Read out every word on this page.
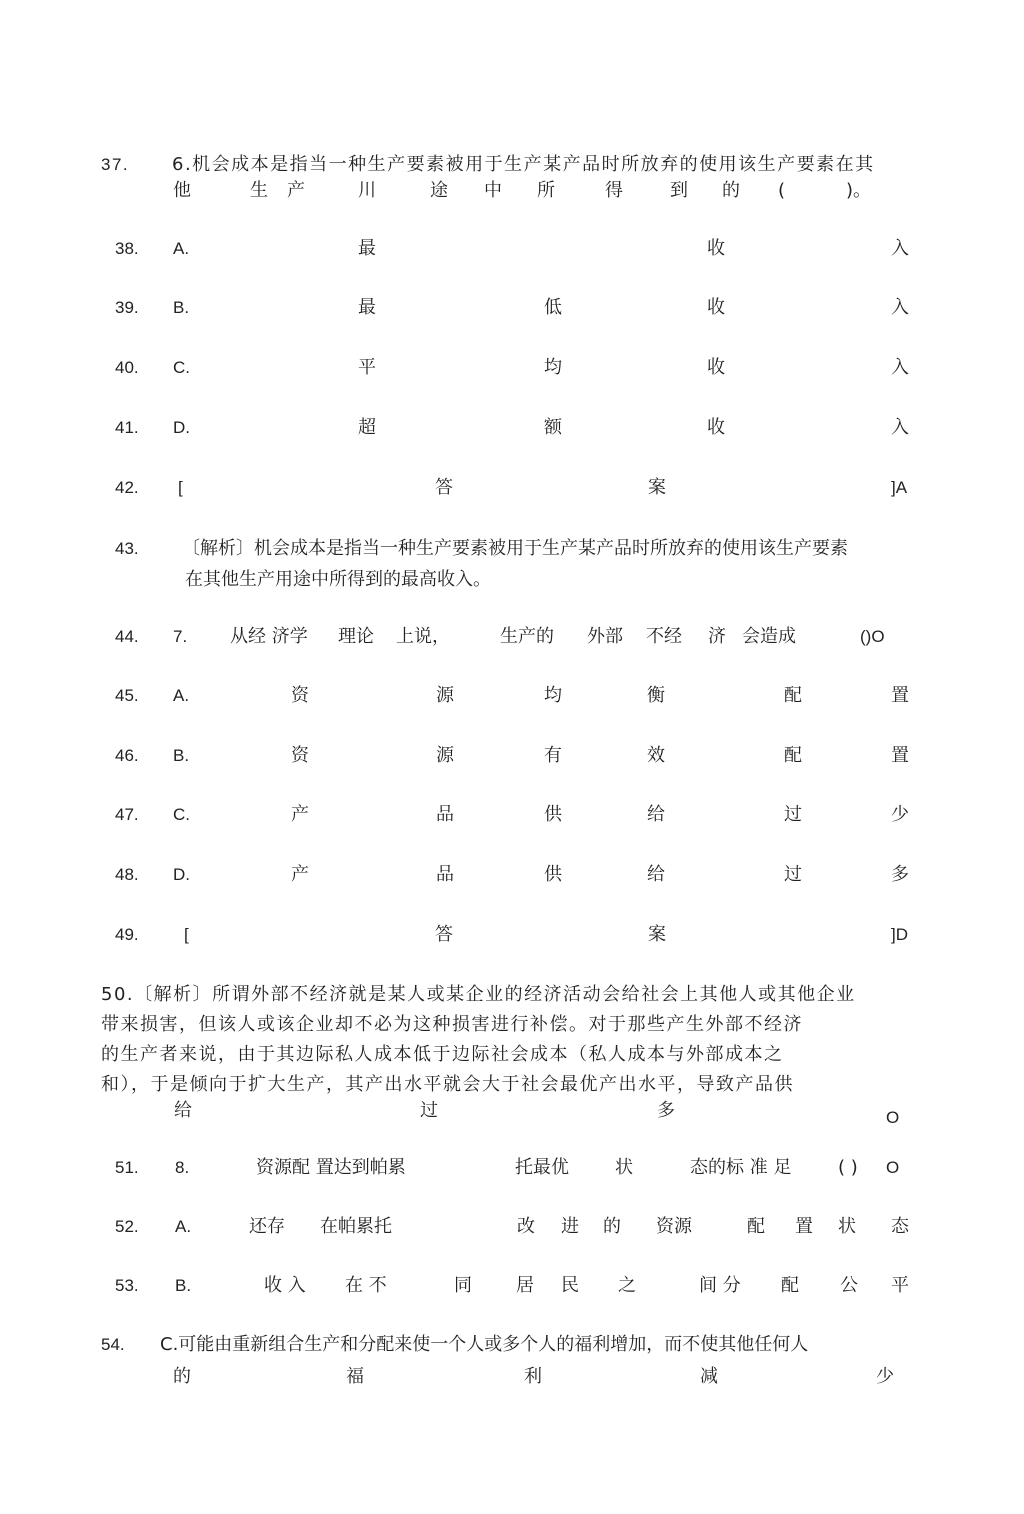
37. 6.机会成本是指当一种生产要素被用于生产某产品时所放弃的使用该生产要素在其
他	生 产	川	途 中 所	得	到 的 (	)。
38. A.	最	收	入
39. B.	最	低	收	入
40. C.	平	均	收	入
41. D.	超	额	收	入
42. [	答	案	]A
43. 〔解析〕机会成本是指当一种生产要素被用于生产某产品时所放弃的使用该生产要素
在其他生产用途中所得到的最高收入。
44. 7. 从经 济学 理论 上说，	生产的 外部 不经 济 会造成	()O
45. A.	资	源	均	衡	配	置
46. B.	资	源	有	效	配	置
47. C.	产	品	供	给	过	少
48. D.	产	品	供	给	过	多
49.	[	答	案	]D
50.〔解析〕所谓外部不经济就是某人或某企业的经济活动会给社会上其他人或其他企业
带来损害，但该人或该企业却不必为这种损害进行补偿。对于那些产生外部不经济
的生产者来说，由于其边际私人成本低于边际社会成本（私人成本与外部成本之
和），于是倾向于扩大生产，其产出水平就会大于社会最优产出水平，导致产品供
给	过	多	O
51. 8.	资源配 置达到帕累	托最优	状	态的标 准 足	( ) O
52. A.	还存 在帕累托	改 进 的 资源	配 置 状 态
53. B.	收 入 在 不	同 居 民 之	间 分 配 公 平
54. C.可能由重新组合生产和分配来使一个人或多个人的福利增加，而不使其他任何人
的	福	利	减	少
